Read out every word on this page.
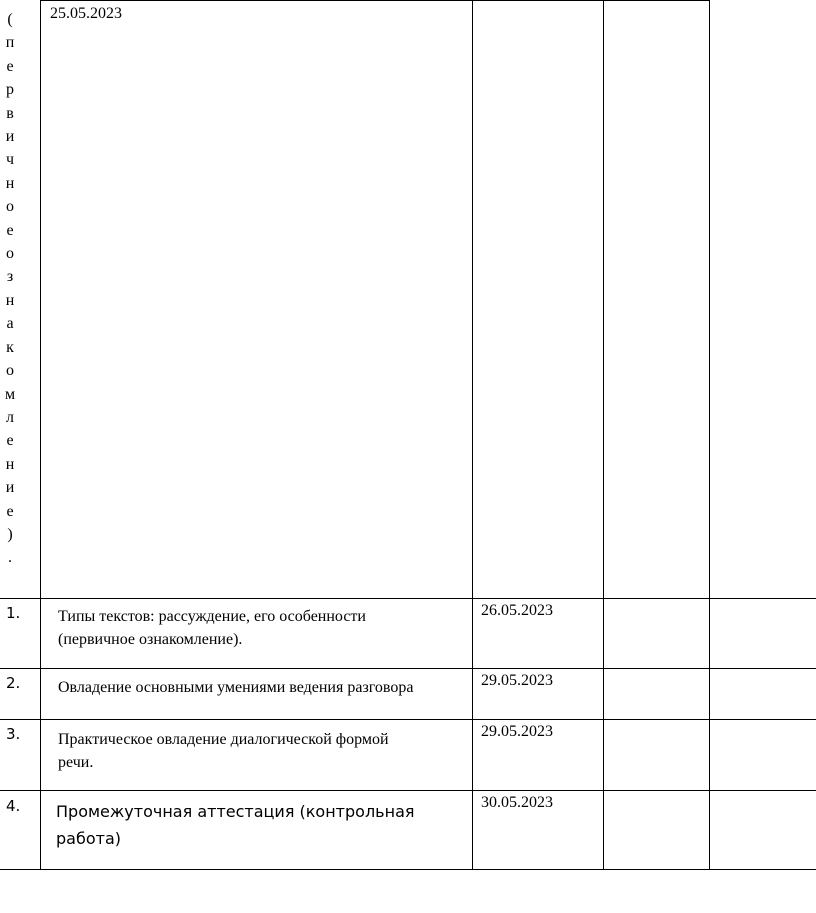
(
п
е
р
в
и
ч
н
о
е
о
з
н
а
к
о
м
л
е
н
и
е
)
.
25.05.2023
1. Типы текстов: рассуждение, его особенности
(первичное ознакомление).
26.05.2023
2. Овладение основными умениями ведения разговора	29.05.2023
3. Практическое овладение диалогической формой
речи.
29.05.2023
4. Промежуточная аттестация (контрольная
работа)
30.05.2023
